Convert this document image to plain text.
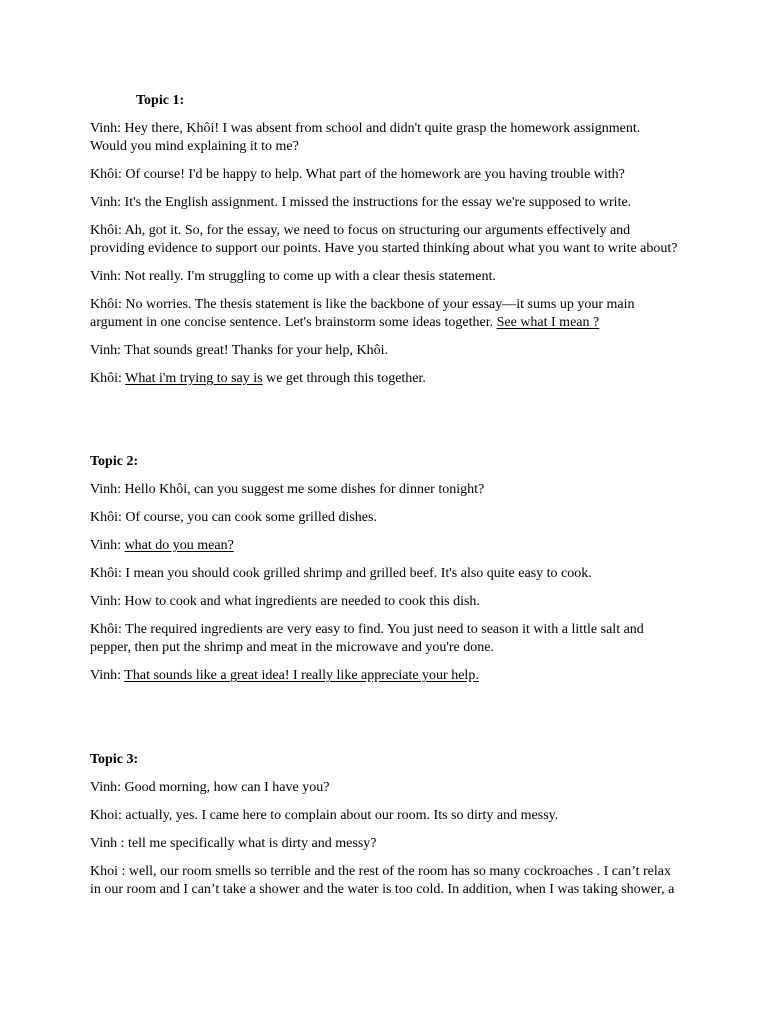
Topic 1:

Vinh: Hey there, Khôi! I was absent from school and didn't quite grasp the homework assignment. Would you mind explaining it to me?

Khôi: Of course! I'd be happy to help. What part of the homework are you having trouble with?

Vinh: It's the English assignment. I missed the instructions for the essay we're supposed to write.

Khôi: Ah, got it. So, for the essay, we need to focus on structuring our arguments effectively and providing evidence to support our points. Have you started thinking about what you want to write about?

Vinh: Not really. I'm struggling to come up with a clear thesis statement.

Khôi: No worries. The thesis statement is like the backbone of your essay—it sums up your main argument in one concise sentence. Let's brainstorm some ideas together. See what I mean ?

Vinh: That sounds great! Thanks for your help, Khôi.

Khôi: What i'm trying to say is we get through this together.

Topic 2:

Vinh: Hello Khôi, can you suggest me some dishes for dinner tonight?

Khôi: Of course, you can cook some grilled dishes.

Vinh: what do you mean?

Khôi: I mean you should cook grilled shrimp and grilled beef. It's also quite easy to cook.

Vinh: How to cook and what ingredients are needed to cook this dish.

Khôi: The required ingredients are very easy to find. You just need to season it with a little salt and pepper, then put the shrimp and meat in the microwave and you're done.

Vinh: That sounds like a great idea! I really like appreciate your help.

Topic 3:

Vinh: Good morning, how can I have you?

Khoi: actually, yes. I came here to complain about our room. Its so dirty and messy.

Vinh : tell me specifically what is dirty and messy?

Khoi : well, our room smells so terrible and the rest of the room has so many cockroaches . I can’t relax in our room and I can’t take a shower and the water is too cold. In addition, when I was taking shower, a
